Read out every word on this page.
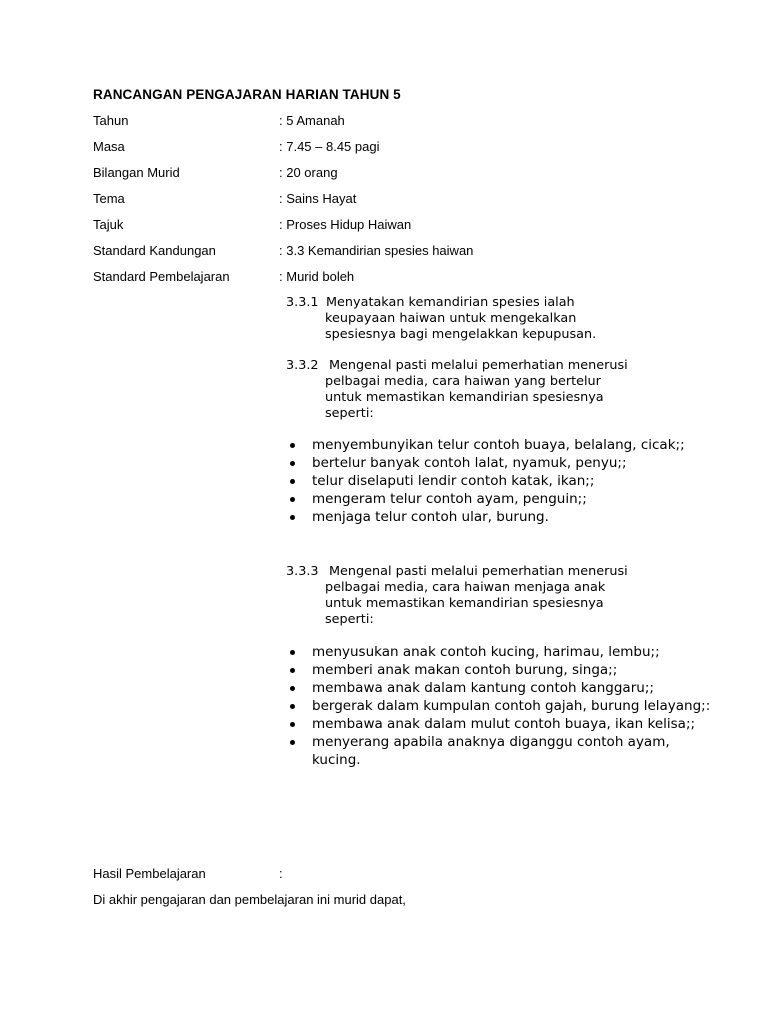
RANCANGAN PENGAJARAN HARIAN TAHUN 5
Tahun	: 5 Amanah
Masa	: 7.45 – 8.45 pagi
Bilangan Murid	: 20 orang
Tema	: Sains Hayat
Tajuk	: Proses Hidup Haiwan
Standard Kandungan	: 3.3 Kemandirian spesies haiwan
Standard Pembelajaran	: Murid boleh
3.3.1 Menyatakan kemandirian spesies ialah
keupayaan haiwan untuk mengekalkan
spesiesnya bagi mengelakkan kepupusan.
3.3.2 Mengenal pasti melalui pemerhatian menerusi
pelbagai media, cara haiwan yang bertelur
untuk memastikan kemandirian spesiesnya
seperti:
menyembunyikan telur contoh buaya, belalang, cicak;;
bertelur banyak contoh lalat, nyamuk, penyu;;
telur diselaputi lendir contoh katak, ikan;;
mengeram telur contoh ayam, penguin;;
menjaga telur contoh ular, burung.
3.3.3 Mengenal pasti melalui pemerhatian menerusi
pelbagai media, cara haiwan menjaga anak
untuk memastikan kemandirian spesiesnya
seperti:
menyusukan anak contoh kucing, harimau, lembu;;
memberi anak makan contoh burung, singa;;
membawa anak dalam kantung contoh kanggaru;;
bergerak dalam kumpulan contoh gajah, burung lelayang;:
membawa anak dalam mulut contoh buaya, ikan kelisa;;
menyerang apabila anaknya diganggu contoh ayam, kucing.
Hasil Pembelajaran	:
Di akhir pengajaran dan pembelajaran ini murid dapat,
